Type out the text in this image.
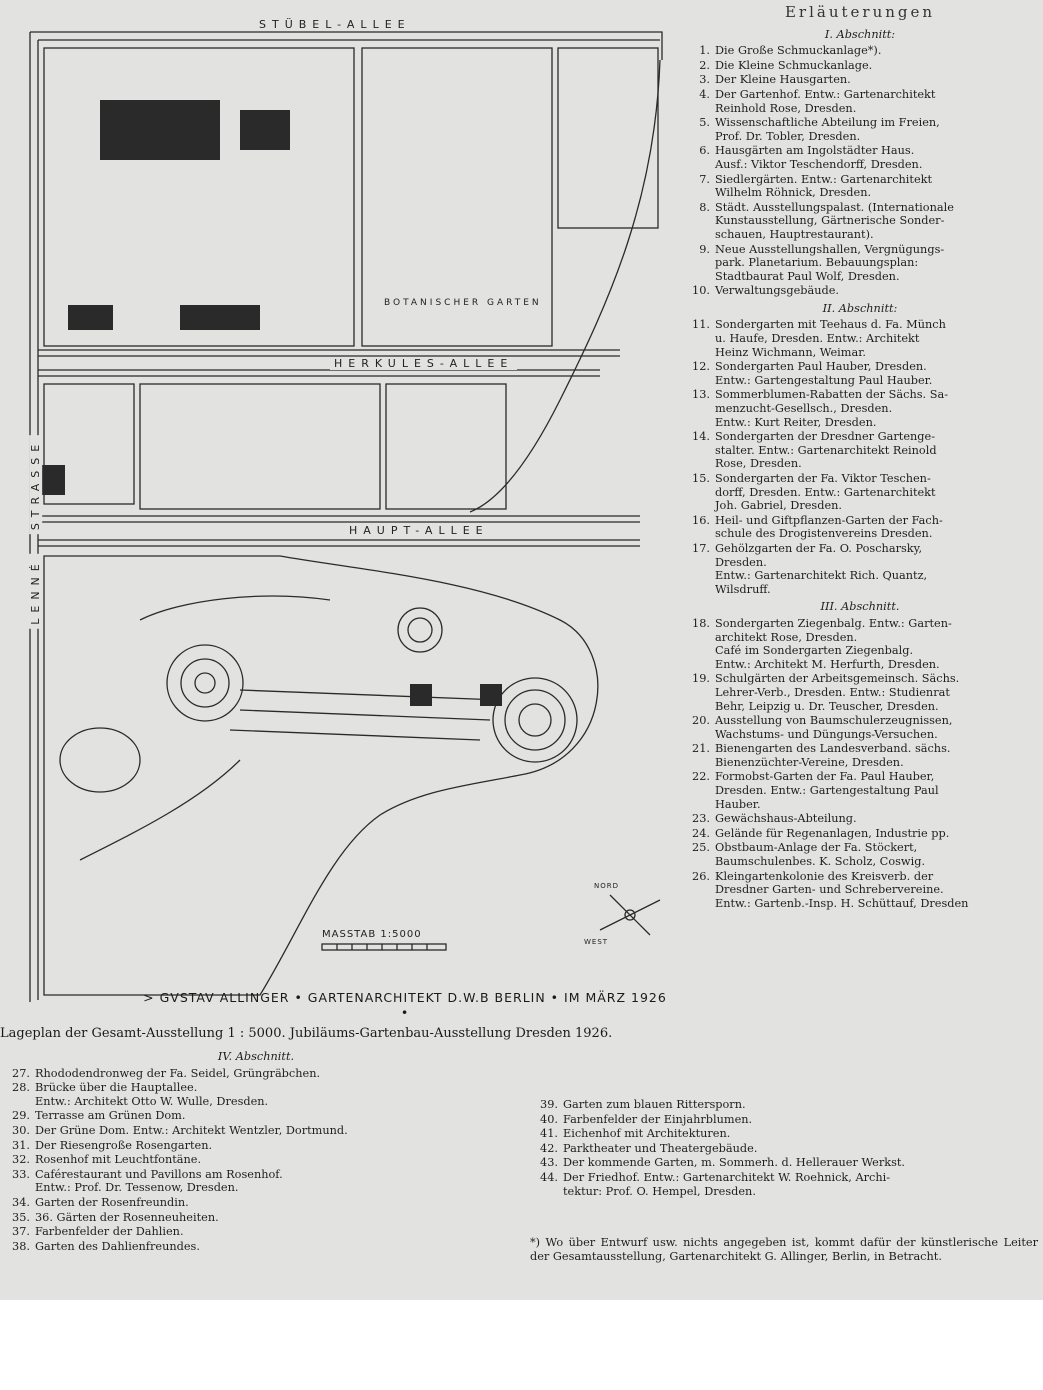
STÜBEL-ALLEE
HERKULES-ALLEE
HAUPT-ALLEE
STRASSE
LENNÉ
BOTANISCHER GARTEN
NORD
WEST
MASSTAB 1:5000
> GVSTAV ALLINGER • GARTENARCHITEKT D.W.B BERLIN • IM MÄRZ 1926 •
Lageplan der Gesamt-Ausstellung 1 : 5000. Jubiläums-Gartenbau-Ausstellung Dresden 1926.
Erläuterungen
I. Abschnitt:
1. Die Große Schmuckanlage*).
2. Die Kleine Schmuckanlage.
3. Der Kleine Hausgarten.
4. Der Gartenhof. Entw.: Gartenarchitekt
Reinhold Rose, Dresden.
5. Wissenschaftliche Abteilung im Freien,
Prof. Dr. Tobler, Dresden.
6. Hausgärten am Ingolstädter Haus.
Ausf.: Viktor Teschendorff, Dresden.
7. Siedlergärten. Entw.: Gartenarchitekt
Wilhelm Röhnick, Dresden.
8. Städt. Ausstellungspalast. (Internationale
Kunstausstellung, Gärtnerische Sonder-
schauen, Hauptrestaurant).
9. Neue Ausstellungshallen, Vergnügungs-
park. Planetarium. Bebauungsplan:
Stadtbaurat Paul Wolf, Dresden.
10. Verwaltungsgebäude.
II. Abschnitt:
11. Sondergarten mit Teehaus d. Fa. Münch
u. Haufe, Dresden. Entw.: Architekt
Heinz Wichmann, Weimar.
12. Sondergarten Paul Hauber, Dresden.
Entw.: Gartengestaltung Paul Hauber.
13. Sommerblumen-Rabatten der Sächs. Sa-
menzucht-Gesellsch., Dresden.
Entw.: Kurt Reiter, Dresden.
14. Sondergarten der Dresdner Gartenge-
stalter. Entw.: Gartenarchitekt Reinold
Rose, Dresden.
15. Sondergarten der Fa. Viktor Teschen-
dorff, Dresden. Entw.: Gartenarchitekt
Joh. Gabriel, Dresden.
16. Heil- und Giftpflanzen-Garten der Fach-
schule des Drogistenvereins Dresden.
17. Gehölzgarten der Fa. O. Poscharsky,
Dresden.
Entw.: Gartenarchitekt Rich. Quantz,
Wilsdruff.
III. Abschnitt.
18. Sondergarten Ziegenbalg. Entw.: Garten-
architekt Rose, Dresden.
Café im Sondergarten Ziegenbalg.
Entw.: Architekt M. Herfurth, Dresden.
19. Schulgärten der Arbeitsgemeinsch. Sächs.
Lehrer-Verb., Dresden. Entw.: Studienrat
Behr, Leipzig u. Dr. Teuscher, Dresden.
20. Ausstellung von Baumschulerzeugnissen,
Wachstums- und Düngungs-Versuchen.
21. Bienengarten des Landesverband. sächs.
Bienenzüchter-Vereine, Dresden.
22. Formobst-Garten der Fa. Paul Hauber,
Dresden. Entw.: Gartengestaltung Paul
Hauber.
23. Gewächshaus-Abteilung.
24. Gelände für Regenanlagen, Industrie pp.
25. Obstbaum-Anlage der Fa. Stöckert,
Baumschulenbes. K. Scholz, Coswig.
26. Kleingartenkolonie des Kreisverb. der
Dresdner Garten- und Schrebervereine.
Entw.: Gartenb.-Insp. H. Schüttauf, Dresden
IV. Abschnitt.
27. Rhododendronweg der Fa. Seidel, Grüngräbchen.
28. Brücke über die Hauptallee.
Entw.: Architekt Otto W. Wulle, Dresden.
29. Terrasse am Grünen Dom.
30. Der Grüne Dom. Entw.: Architekt Wentzler, Dortmund.
31. Der Riesengroße Rosengarten.
32. Rosenhof mit Leuchtfontäne.
33. Caférestaurant und Pavillons am Rosenhof.
Entw.: Prof. Dr. Tessenow, Dresden.
34. Garten der Rosenfreundin.
35. 36. Gärten der Rosenneuheiten.
37. Farbenfelder der Dahlien.
38. Garten des Dahlienfreundes.
39. Garten zum blauen Rittersporn.
40. Farbenfelder der Einjahrblumen.
41. Eichenhof mit Architekturen.
42. Parktheater und Theatergebäude.
43. Der kommende Garten, m. Sommerh. d. Hellerauer Werkst.
44. Der Friedhof. Entw.: Gartenarchitekt W. Roehnick, Archi-
tektur: Prof. O. Hempel, Dresden.
*) Wo über Entwurf usw. nichts angegeben ist, kommt dafür der künstlerische Leiter der Gesamtausstellung, Gartenarchitekt G. Allinger, Berlin, in Betracht.
